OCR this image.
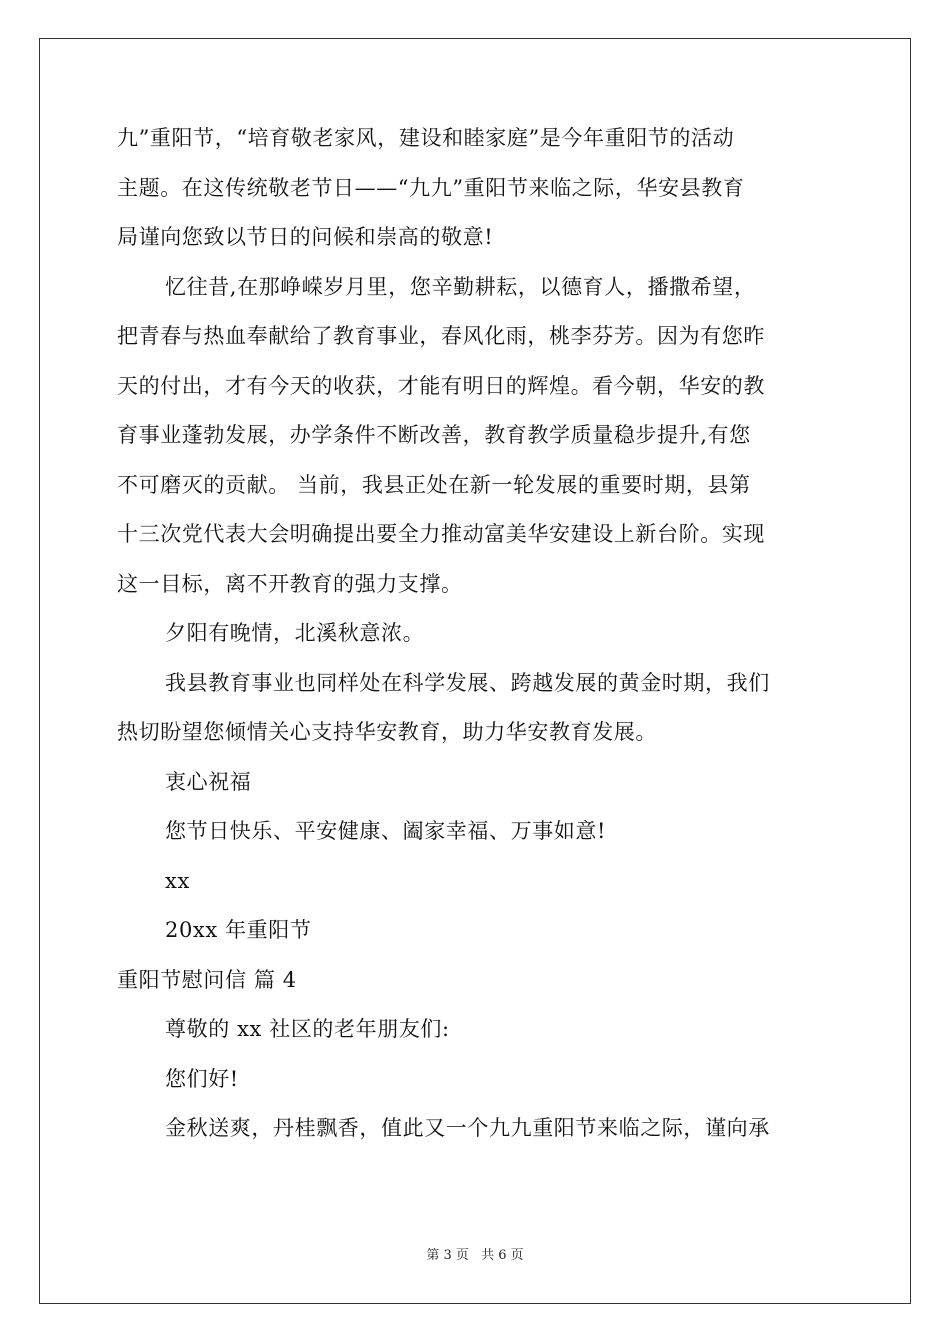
九”重阳节，“培育敬老家风，建设和睦家庭”是今年重阳节的活动
主题。在这传统敬老节日——“九九”重阳节来临之际，华安县教育
局谨向您致以节日的问候和崇高的敬意!
忆往昔,在那峥嵘岁月里，您辛勤耕耘，以德育人，播撒希望，
把青春与热血奉献给了教育事业，春风化雨，桃李芬芳。因为有您昨
天的付出，才有今天的收获，才能有明日的辉煌。看今朝，华安的教
育事业蓬勃发展，办学条件不断改善，教育教学质量稳步提升,有您
不可磨灭的贡献。 当前，我县正处在新一轮发展的重要时期，县第
十三次党代表大会明确提出要全力推动富美华安建设上新台阶。实现
这一目标，离不开教育的强力支撑。
夕阳有晚情，北溪秋意浓。
我县教育事业也同样处在科学发展、跨越发展的黄金时期，我们
热切盼望您倾情关心支持华安教育，助力华安教育发展。
衷心祝福
您节日快乐、平安健康、阖家幸福、万事如意!
xx
20xx 年重阳节
重阳节慰问信 篇 4
尊敬的 xx 社区的老年朋友们:
您们好!
金秋送爽，丹桂飘香，值此又一个九九重阳节来临之际，谨向承
第 3 页 共 6 页
